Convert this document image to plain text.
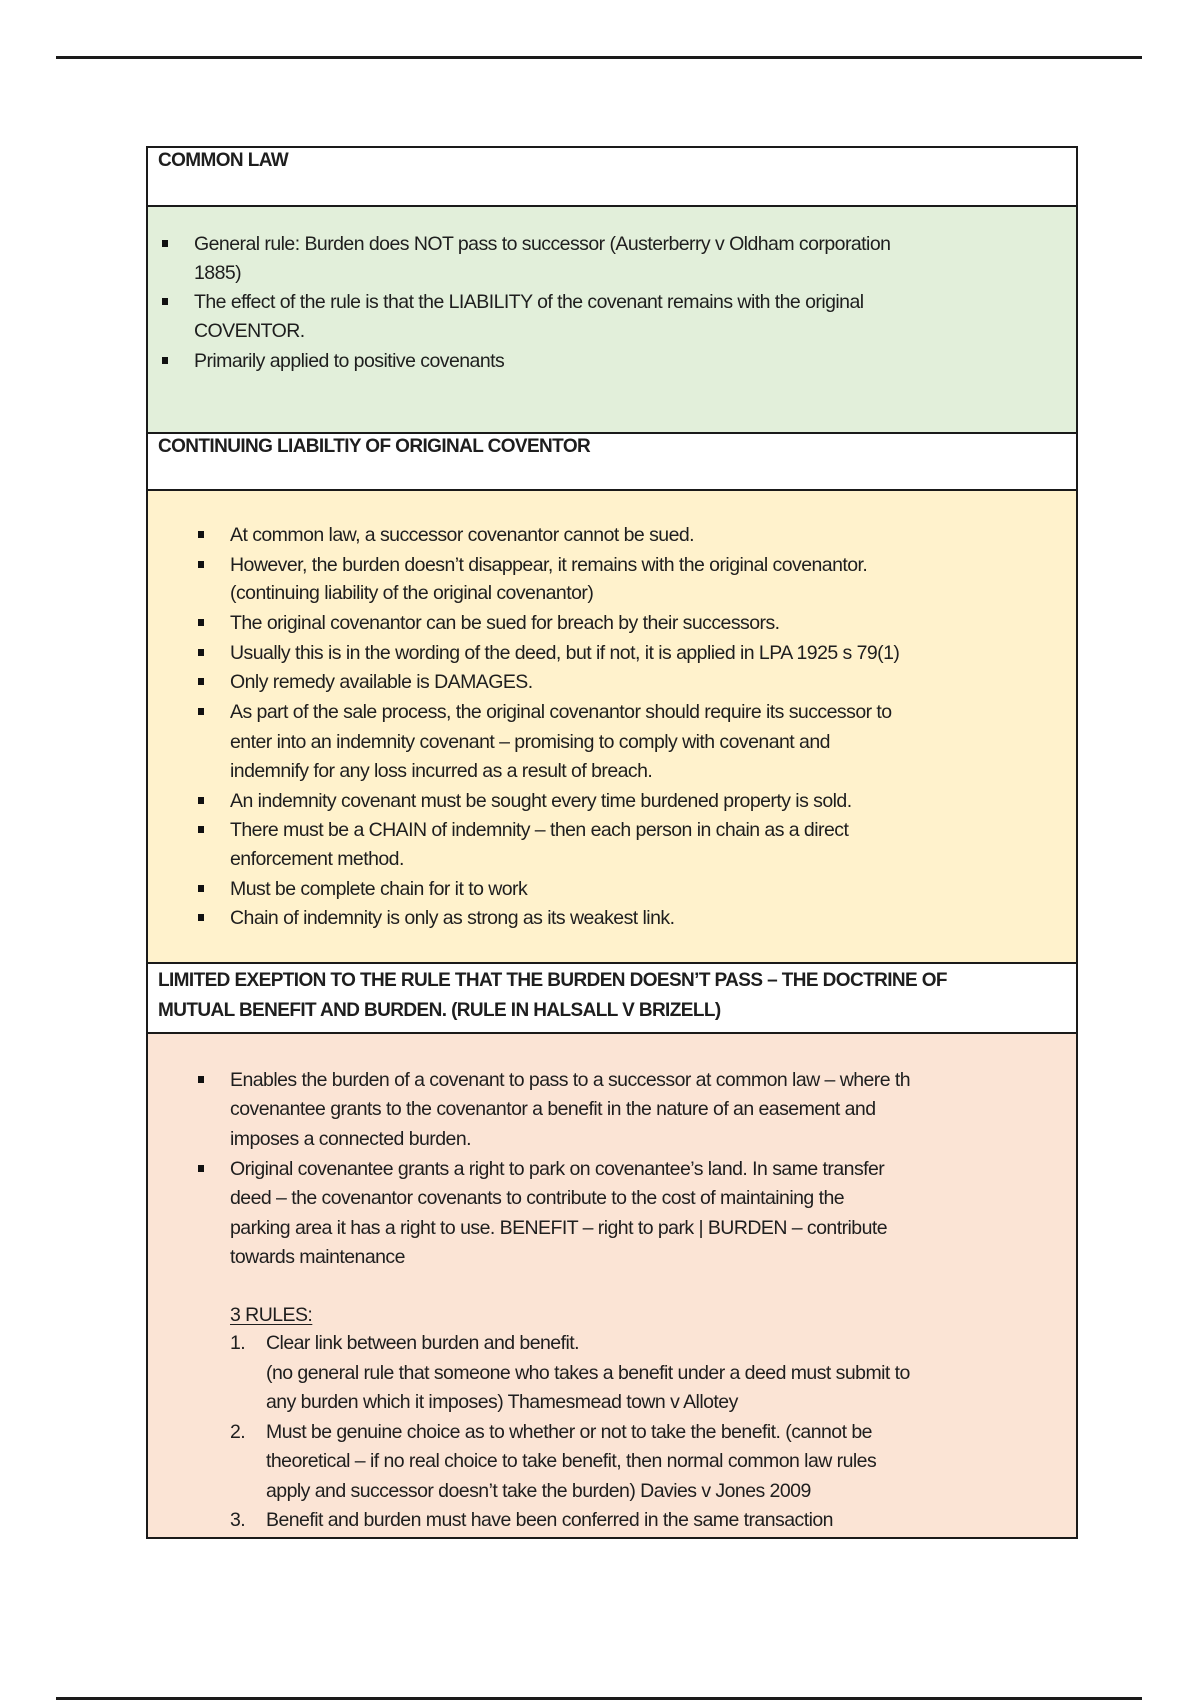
COMMON LAW
General rule: Burden does NOT pass to successor (Austerberry v Oldham corporation
1885)
The effect of the rule is that the LIABILITY of the covenant remains with the original
COVENTOR.
Primarily applied to positive covenants
CONTINUING LIABILTIY OF ORIGINAL COVENTOR
At common law, a successor covenantor cannot be sued.
However, the burden doesn’t disappear, it remains with the original covenantor.
(continuing liability of the original covenantor)
The original covenantor can be sued for breach by their successors.
Usually this is in the wording of the deed, but if not, it is applied in LPA 1925 s 79(1)
Only remedy available is DAMAGES.
As part of the sale process, the original covenantor should require its successor to
enter into an indemnity covenant – promising to comply with covenant and
indemnify for any loss incurred as a result of breach.
An indemnity covenant must be sought every time burdened property is sold.
There must be a CHAIN of indemnity – then each person in chain as a direct
enforcement method.
Must be complete chain for it to work
Chain of indemnity is only as strong as its weakest link.
LIMITED EXEPTION TO THE RULE THAT THE BURDEN DOESN’T PASS – THE DOCTRINE OF
MUTUAL BENEFIT AND BURDEN. (RULE IN HALSALL V BRIZELL)
Enables the burden of a covenant to pass to a successor at common law – where th
covenantee grants to the covenantor a benefit in the nature of an easement and
imposes a connected burden.
Original covenantee grants a right to park on covenantee’s land. In same transfer
deed – the covenantor covenants to contribute to the cost of maintaining the
parking area it has a right to use. BENEFIT – right to park | BURDEN – contribute
towards maintenance
3 RULES:
1. Clear link between burden and benefit.
(no general rule that someone who takes a benefit under a deed must submit to
any burden which it imposes) Thamesmead town v Allotey
2. Must be genuine choice as to whether or not to take the benefit. (cannot be
theoretical – if no real choice to take benefit, then normal common law rules
apply and successor doesn’t take the burden) Davies v Jones 2009
3. Benefit and burden must have been conferred in the same transaction
